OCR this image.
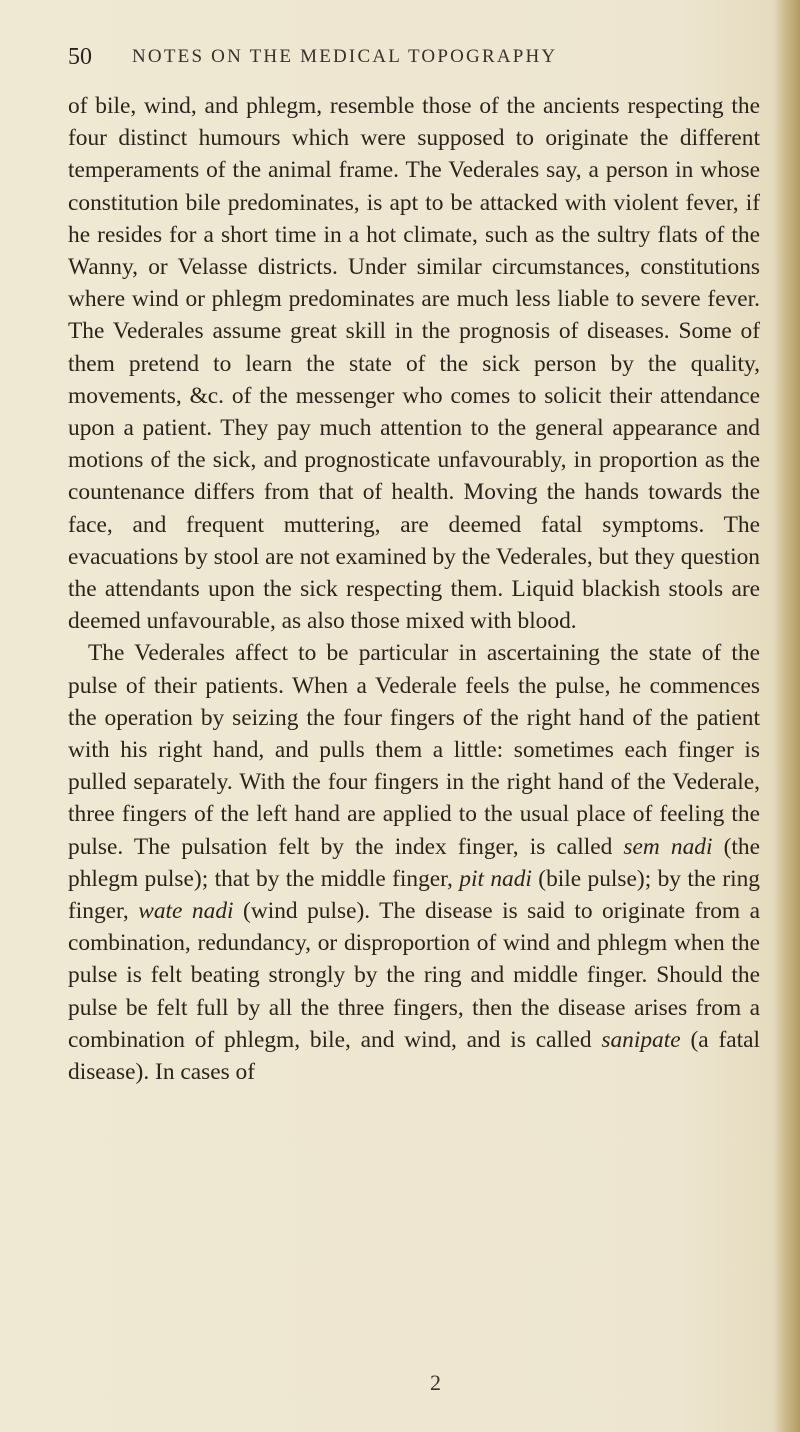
50 NOTES ON THE MEDICAL TOPOGRAPHY

of bile, wind, and phlegm, resemble those of the ancients respecting the four distinct humours which were supposed to originate the different temperaments of the animal frame. The Vederales say, a person in whose constitution bile predominates, is apt to be attacked with violent fever, if he resides for a short time in a hot climate, such as the sultry flats of the Wanny, or Velasse districts. Under similar circumstances, constitutions where wind or phlegm predominates are much less liable to severe fever. The Vederales assume great skill in the prognosis of diseases. Some of them pretend to learn the state of the sick person by the quality, movements, &c. of the messenger who comes to solicit their attendance upon a patient. They pay much attention to the general appearance and motions of the sick, and prognosticate unfavourably, in proportion as the countenance differs from that of health. Moving the hands towards the face, and frequent muttering, are deemed fatal symptoms. The evacuations by stool are not examined by the Vederales, but they question the attendants upon the sick respecting them. Liquid blackish stools are deemed unfavourable, as also those mixed with blood.

The Vederales affect to be particular in ascertaining the state of the pulse of their patients. When a Vederale feels the pulse, he commences the operation by seizing the four fingers of the right hand of the patient with his right hand, and pulls them a little: sometimes each finger is pulled separately. With the four fingers in the right hand of the Vederale, three fingers of the left hand are applied to the usual place of feeling the pulse. The pulsation felt by the index finger, is called sem nadi (the phlegm pulse); that by the middle finger, pit nadi (bile pulse); by the ring finger, wate nadi (wind pulse). The disease is said to originate from a combination, redundancy, or disproportion of wind and phlegm when the pulse is felt beating strongly by the ring and middle finger. Should the pulse be felt full by all the three fingers, then the disease arises from a combination of phlegm, bile, and wind, and is called sanipate (a fatal disease). In cases of

2
